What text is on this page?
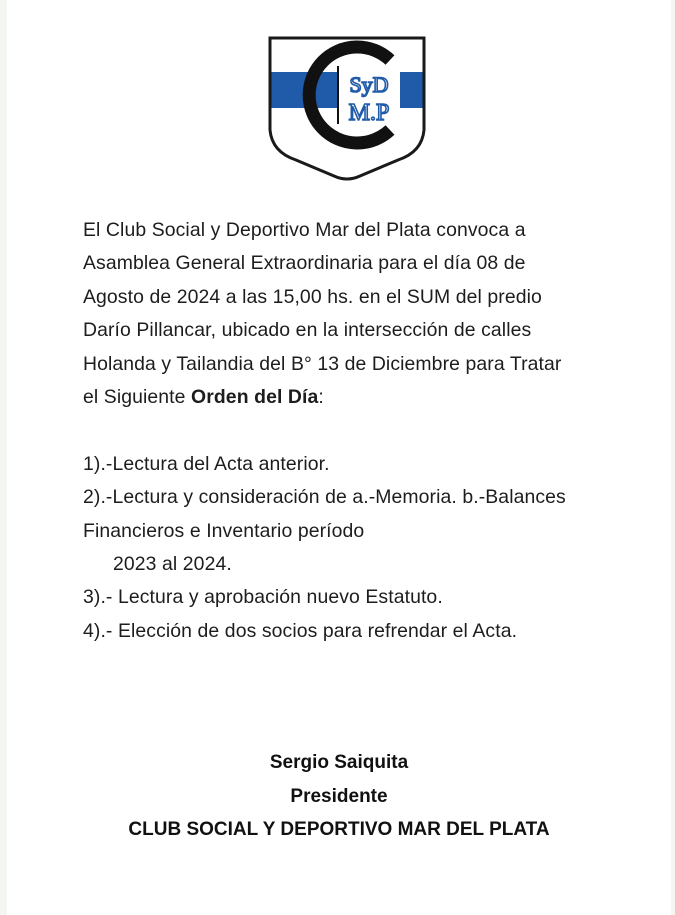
SyD
M.P

El Club Social y Deportivo Mar del Plata convoca a

Asamblea General Extraordinaria para el día 08 de

Agosto de 2024 a las 15,00 hs. en el SUM del predio

Darío Pillancar, ubicado en la intersección de calles

Holanda y Tailandia del B° 13 de Diciembre para Tratar

el Siguiente Orden del Día:

1).-Lectura del Acta anterior.

2).-Lectura y consideración de a.-Memoria. b.-Balances

Financieros e Inventario período

2023 al 2024.

3).- Lectura y aprobación nuevo Estatuto.

4).- Elección de dos socios para refrendar el Acta.

Sergio Saiquita
Presidente
CLUB SOCIAL Y DEPORTIVO MAR DEL PLATA
